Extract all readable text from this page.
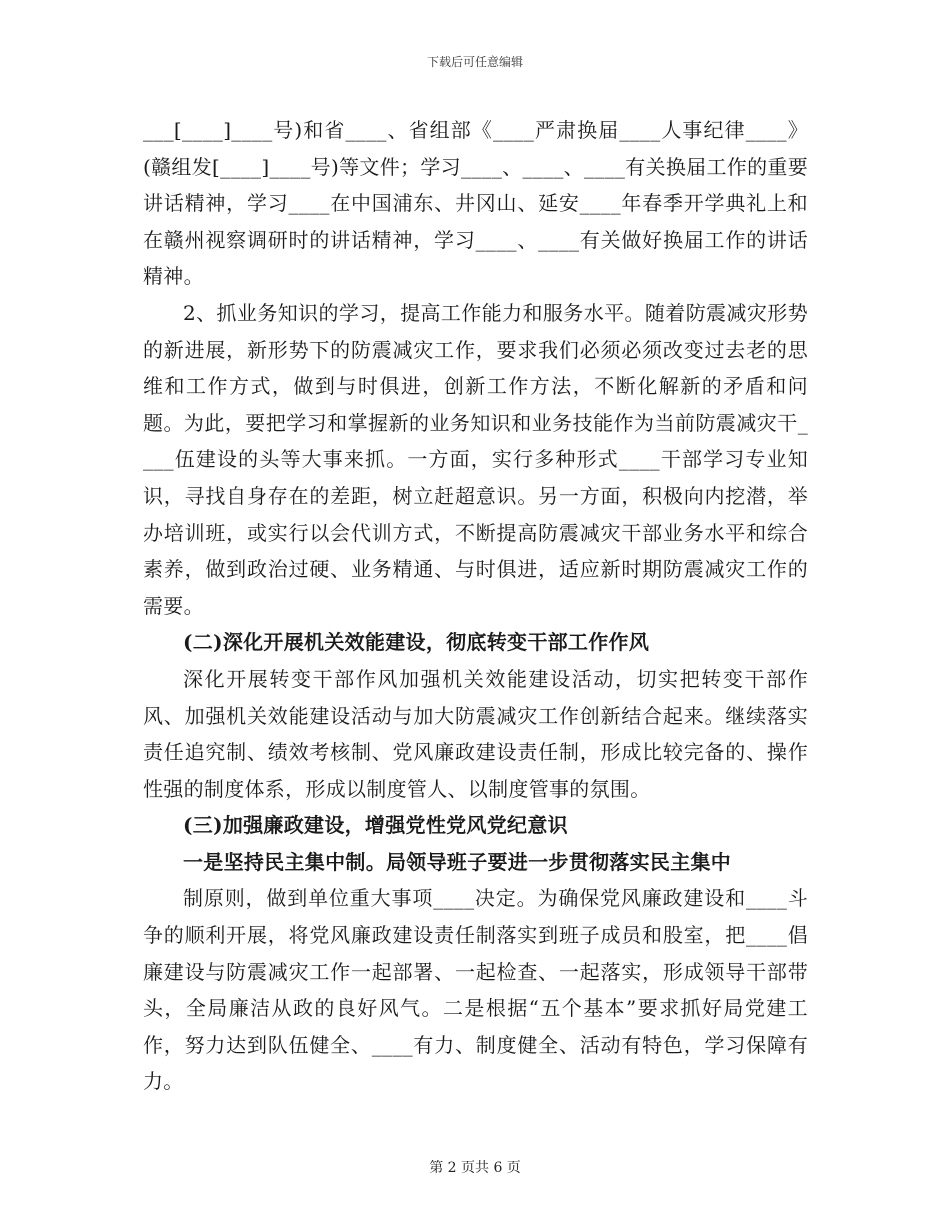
下载后可任意编辑

___[____]____号)和省____、省组部《____严肃换届____人事纪律____》(赣组发[____]____号)等文件；学习____、____、____有关换届工作的重要讲话精神，学习____在中国浦东、井冈山、延安____年春季开学典礼上和在赣州视察调研时的讲话精神，学习____、____有关做好换届工作的讲话精神。

2、抓业务知识的学习，提高工作能力和服务水平。随着防震减灾形势的新进展，新形势下的防震减灾工作，要求我们必须必须改变过去老的思维和工作方式，做到与时俱进，创新工作方法，不断化解新的矛盾和问题。为此，要把学习和掌握新的业务知识和业务技能作为当前防震减灾干____伍建设的头等大事来抓。一方面，实行多种形式____干部学习专业知识，寻找自身存在的差距，树立赶超意识。另一方面，积极向内挖潜，举办培训班，或实行以会代训方式，不断提高防震减灾干部业务水平和综合素养，做到政治过硬、业务精通、与时俱进，适应新时期防震减灾工作的需要。

(二)深化开展机关效能建设，彻底转变干部工作作风

深化开展转变干部作风加强机关效能建设活动，切实把转变干部作风、加强机关效能建设活动与加大防震减灾工作创新结合起来。继续落实责任追究制、绩效考核制、党风廉政建设责任制，形成比较完备的、操作性强的制度体系，形成以制度管人、以制度管事的氛围。

(三)加强廉政建设，增强党性党风党纪意识

一是坚持民主集中制。局领导班子要进一步贯彻落实民主集中

制原则，做到单位重大事项____决定。为确保党风廉政建设和____斗争的顺利开展，将党风廉政建设责任制落实到班子成员和股室，把____倡廉建设与防震减灾工作一起部署、一起检查、一起落实，形成领导干部带头，全局廉洁从政的良好风气。二是根据“五个基本”要求抓好局党建工作，努力达到队伍健全、____有力、制度健全、活动有特色，学习保障有力。

第 2 页共 6 页
